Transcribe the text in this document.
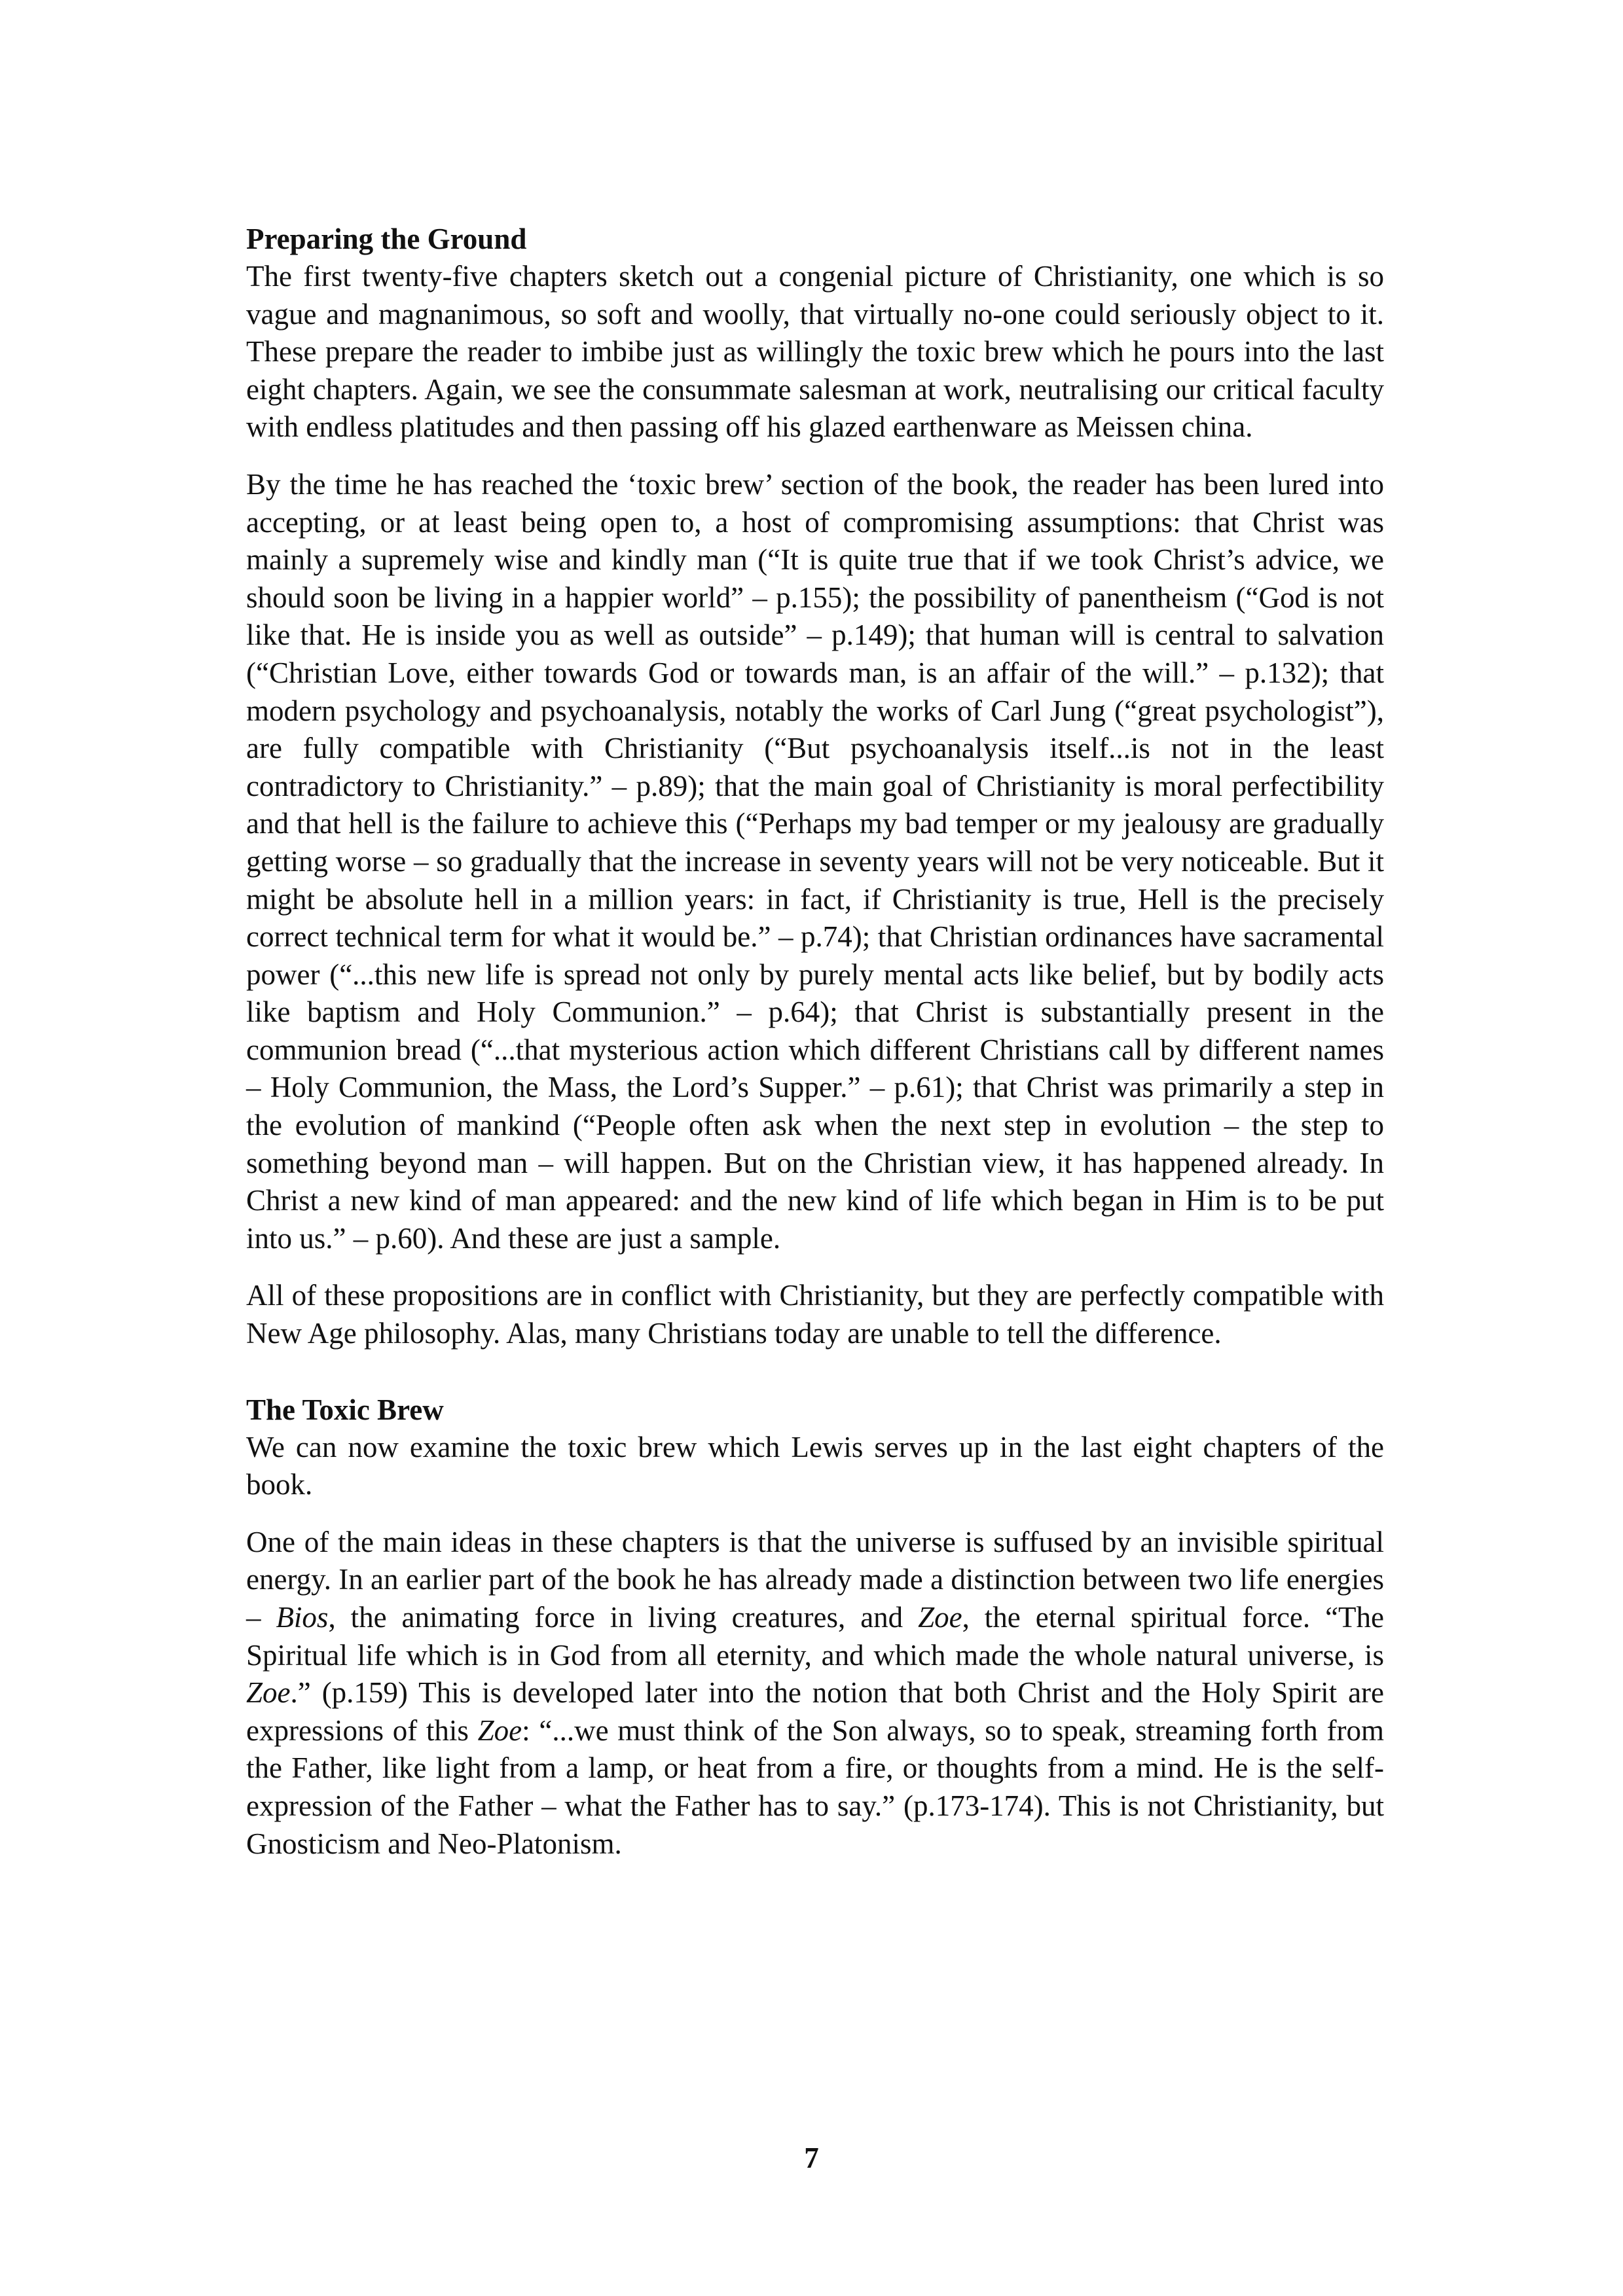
Preparing the Ground

The first twenty-five chapters sketch out a congenial picture of Christianity, one which is so vague and magnanimous, so soft and woolly, that virtually no-one could seriously object to it. These prepare the reader to imbibe just as willingly the toxic brew which he pours into the last eight chapters. Again, we see the consummate salesman at work, neutralising our critical faculty with endless platitudes and then passing off his glazed earthenware as Meissen china.

By the time he has reached the ‘toxic brew’ section of the book, the reader has been lured into accepting, or at least being open to, a host of compromising assumptions: that Christ was mainly a supremely wise and kindly man (“It is quite true that if we took Christ’s advice, we should soon be living in a happier world” – p.155); the possibility of panentheism (“God is not like that. He is inside you as well as outside” – p.149); that human will is central to salvation (“Christian Love, either towards God or towards man, is an affair of the will.” – p.132); that modern psychology and psychoanalysis, notably the works of Carl Jung (“great psychologist”), are fully compatible with Christianity (“But psychoanalysis itself...is not in the least contradictory to Christianity.” – p.89); that the main goal of Christianity is moral perfectibility and that hell is the failure to achieve this (“Perhaps my bad temper or my jealousy are gradually getting worse – so gradually that the increase in seventy years will not be very noticeable. But it might be absolute hell in a million years: in fact, if Christianity is true, Hell is the precisely correct technical term for what it would be.” – p.74); that Christian ordinances have sacramental power (“...this new life is spread not only by purely mental acts like belief, but by bodily acts like baptism and Holy Communion.” – p.64); that Christ is substantially present in the communion bread (“...that mysterious action which different Christians call by different names – Holy Communion, the Mass, the Lord’s Supper.” – p.61); that Christ was primarily a step in the evolution of mankind (“People often ask when the next step in evolution – the step to something beyond man – will happen. But on the Christian view, it has happened already. In Christ a new kind of man appeared: and the new kind of life which began in Him is to be put into us.” – p.60). And these are just a sample.

All of these propositions are in conflict with Christianity, but they are perfectly compatible with New Age philosophy. Alas, many Christians today are unable to tell the difference.

The Toxic Brew

We can now examine the toxic brew which Lewis serves up in the last eight chapters of the book.

One of the main ideas in these chapters is that the universe is suffused by an invisible spiritual energy. In an earlier part of the book he has already made a distinction between two life energies – Bios, the animating force in living creatures, and Zoe, the eternal spiritual force. “The Spiritual life which is in God from all eternity, and which made the whole natural universe, is Zoe.” (p.159) This is developed later into the notion that both Christ and the Holy Spirit are expressions of this Zoe: “...we must think of the Son always, so to speak, streaming forth from the Father, like light from a lamp, or heat from a fire, or thoughts from a mind. He is the self-expression of the Father – what the Father has to say.” (p.173-174). This is not Christianity, but Gnosticism and Neo-Platonism.

7
